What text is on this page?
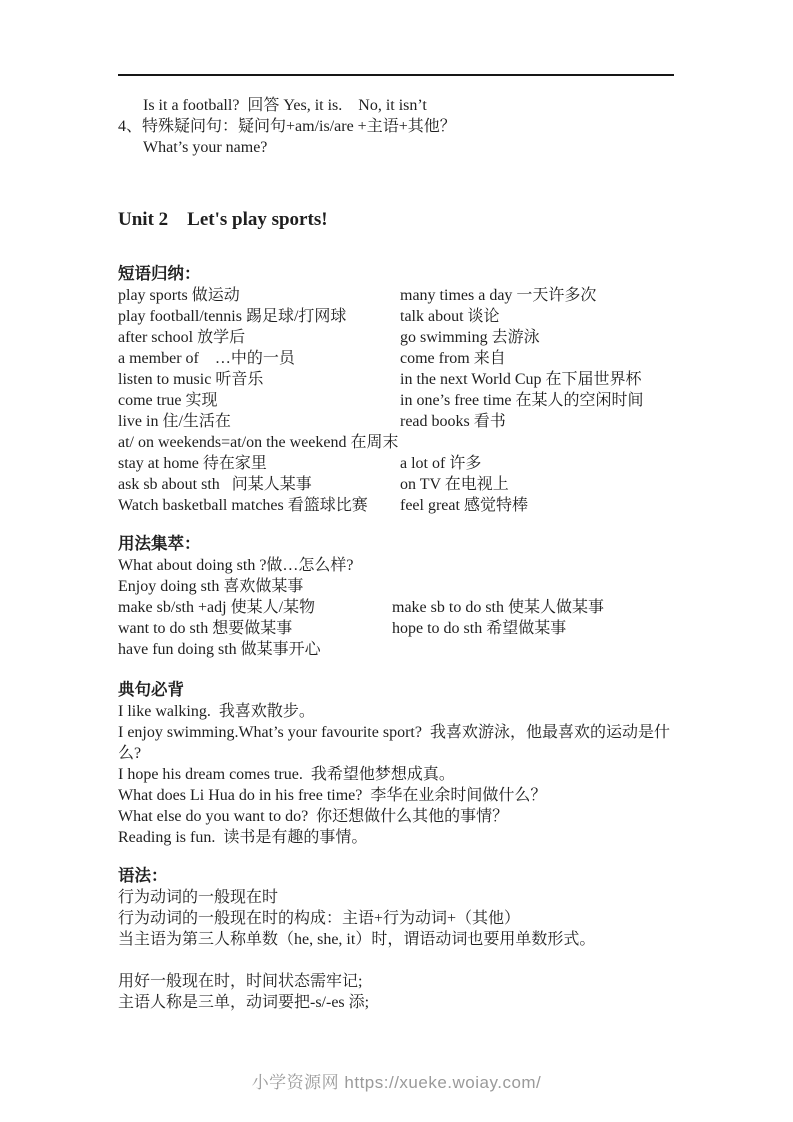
Is it a football?  回答 Yes, it is.    No, it isn’t
4、特殊疑问句：疑问句+am/is/are +主语+其他？
What’s your name?
Unit 2    Let's play sports!
短语归纳：
play sports 做运动	many times a day 一天许多次
play football/tennis 踢足球/打网球	talk about 谈论
after school 放学后	go swimming 去游泳
a member of    …中的一员	come from 来自
listen to music 听音乐	in the next World Cup 在下届世界杯
come true 实现	in one’s free time 在某人的空闲时间
live in 住/生活在	read books 看书
at/ on weekends=at/on the weekend 在周末
stay at home 待在家里	a lot of 许多
ask sb about sth   问某人某事	on TV 在电视上
Watch basketball matches 看篮球比赛	feel great 感觉特棒
用法集萃：
What about doing sth ?做…怎么样?
Enjoy doing sth 喜欢做某事
make sb/sth +adj 使某人/某物	make sb to do sth 使某人做某事
want to do sth 想要做某事	hope to do sth 希望做某事
have fun doing sth 做某事开心
典句必背
I like walking.  我喜欢散步。
I enjoy swimming.What’s your favourite sport?  我喜欢游泳，他最喜欢的运动是什么?
I hope his dream comes true.  我希望他梦想成真。
What does Li Hua do in his free time?  李华在业余时间做什么？
What else do you want to do?  你还想做什么其他的事情？
Reading is fun.  读书是有趣的事情。
语法：
行为动词的一般现在时
行为动词的一般现在时的构成：主语+行为动词+（其他）
当主语为第三人称单数（he, she, it）时，谓语动词也要用单数形式。
用好一般现在时，时间状态需牢记;
主语人称是三单，动词要把-s/-es 添;
小学资源网 https://xueke.woiay.com/
